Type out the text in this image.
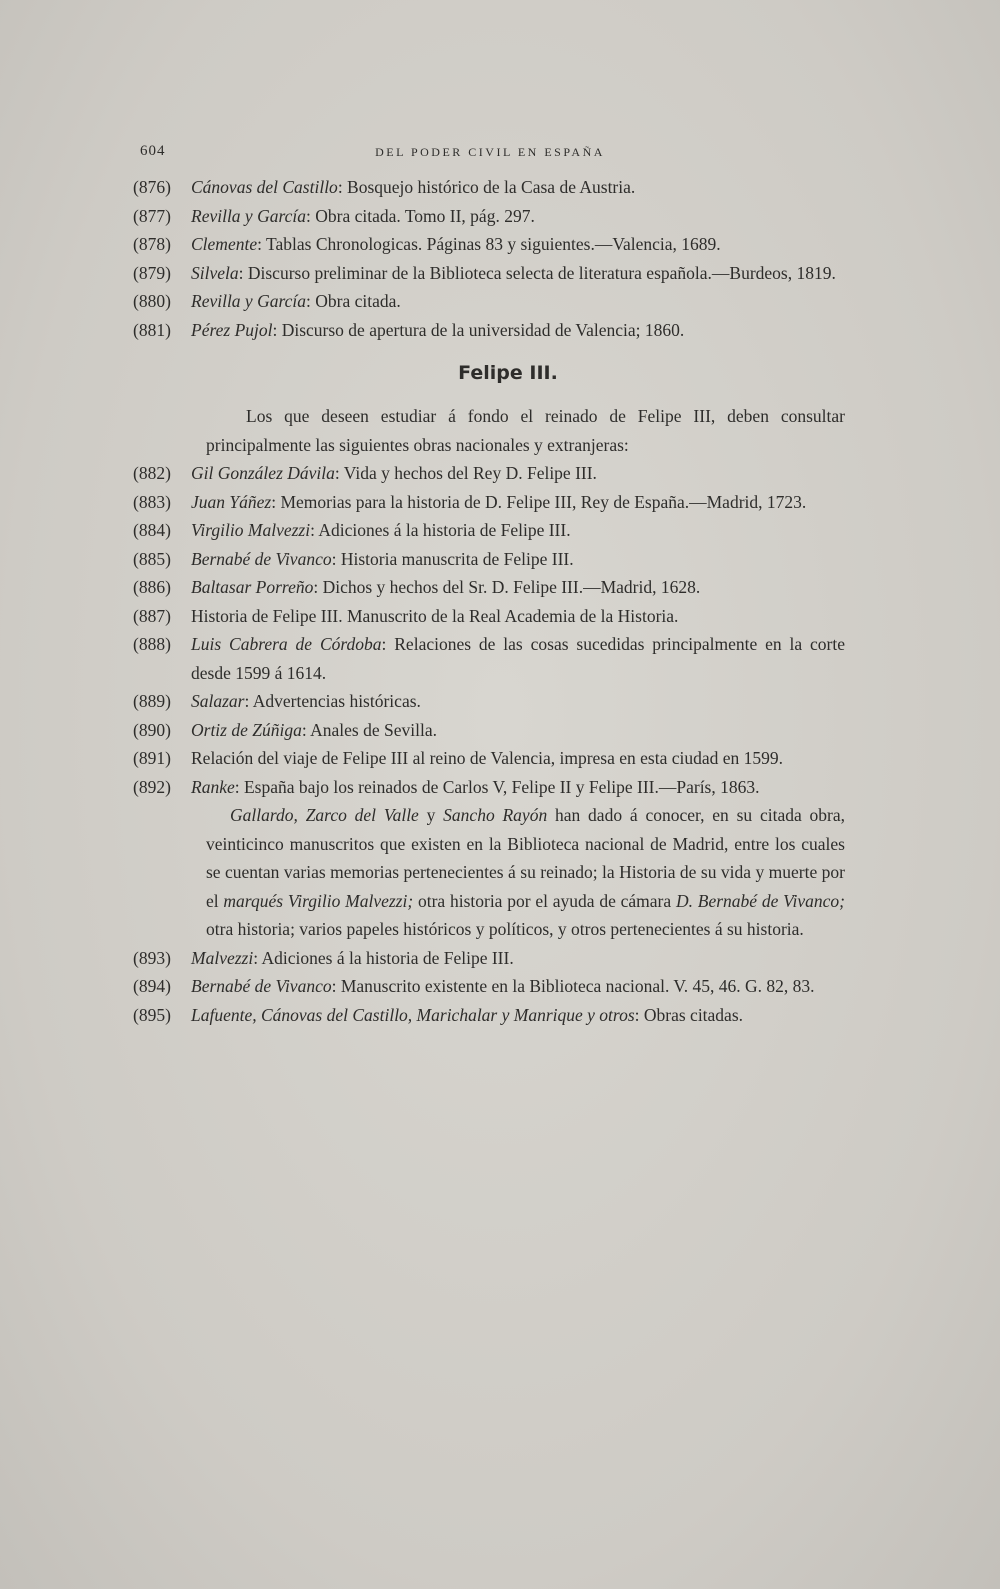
604	DEL PODER CIVIL EN ESPAÑA
(876)	Cánovas del Castillo: Bosquejo histórico de la Casa de Austria.
(877)	Revilla y García: Obra citada. Tomo II, pág. 297.
(878)	Clemente: Tablas Chronologicas. Páginas 83 y siguientes.—Valencia, 1689.
(879)	Silvela: Discurso preliminar de la Biblioteca selecta de literatura española.—Burdeos, 1819.
(880)	Revilla y García: Obra citada.
(881)	Pérez Pujol: Discurso de apertura de la universidad de Valencia; 1860.
Felipe III.
Los que deseen estudiar á fondo el reinado de Felipe III, deben consultar principalmente las siguientes obras nacionales y extranjeras:
(882)	Gil González Dávila: Vida y hechos del Rey D. Felipe III.
(883)	Juan Yáñez: Memorias para la historia de D. Felipe III, Rey de España.—Madrid, 1723.
(884)	Virgilio Malvezzi: Adiciones á la historia de Felipe III.
(885)	Bernabé de Vivanco: Historia manuscrita de Felipe III.
(886)	Baltasar Porreño: Dichos y hechos del Sr. D. Felipe III.—Madrid, 1628.
(887)	Historia de Felipe III. Manuscrito de la Real Academia de la Historia.
(888)	Luis Cabrera de Córdoba: Relaciones de las cosas sucedidas principalmente en la corte desde 1599 á 1614.
(889)	Salazar: Advertencias históricas.
(890)	Ortiz de Zúñiga: Anales de Sevilla.
(891)	Relación del viaje de Felipe III al reino de Valencia, impresa en esta ciudad en 1599.
(892)	Ranke: España bajo los reinados de Carlos V, Felipe II y Felipe III.—París, 1863.
Gallardo, Zarco del Valle y Sancho Rayón han dado á conocer, en su citada obra, veinticinco manuscritos que existen en la Biblioteca nacional de Madrid, entre los cuales se cuentan varias memorias pertenecientes á su reinado; la Historia de su vida y muerte por el marqués Virgilio Malvezzi; otra historia por el ayuda de cámara D. Bernabé de Vivanco; otra historia; varios papeles históricos y políticos, y otros pertenecientes á su historia.
(893)	Malvezzi: Adiciones á la historia de Felipe III.
(894)	Bernabé de Vivanco: Manuscrito existente en la Biblioteca nacional. V. 45, 46. G. 82, 83.
(895)	Lafuente, Cánovas del Castillo, Marichalar y Manrique y otros: Obras citadas.
